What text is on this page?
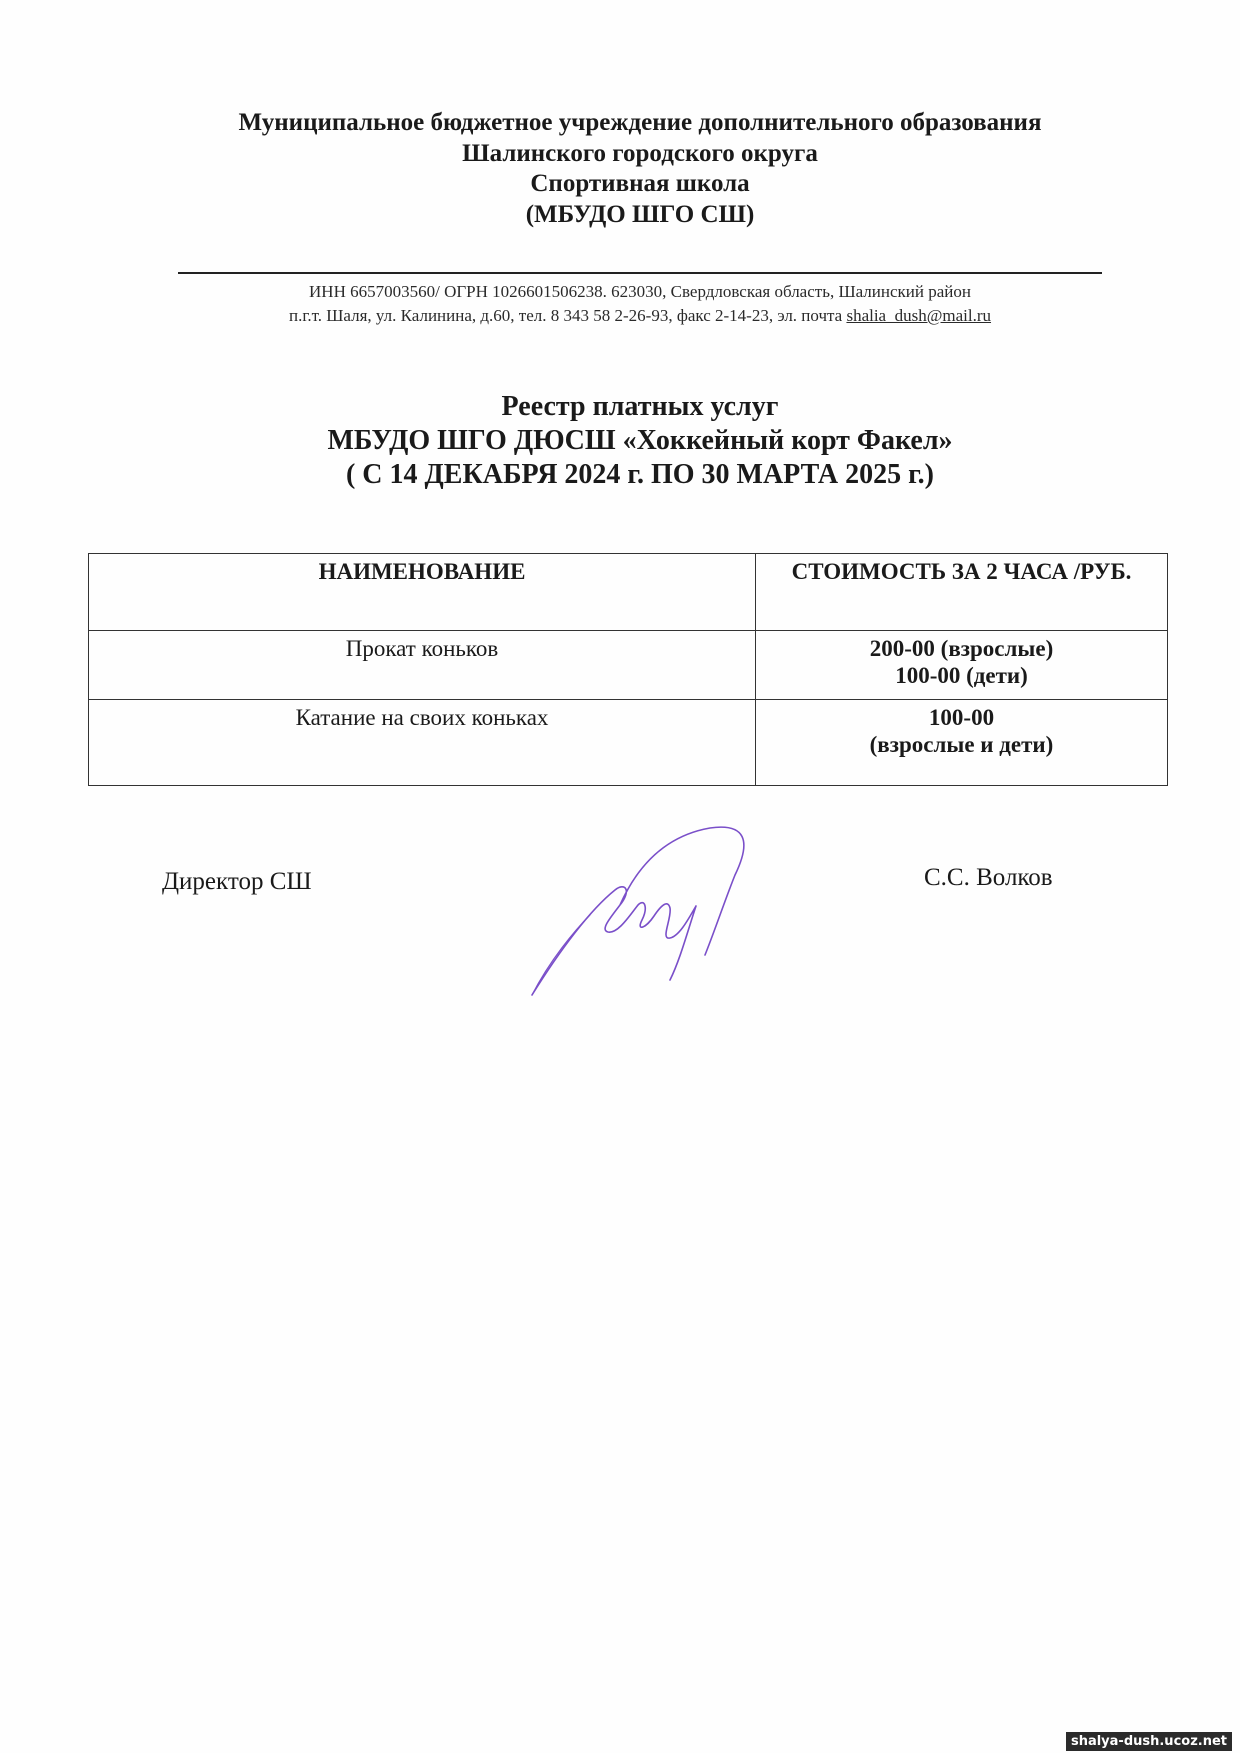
Муниципальное бюджетное учреждение дополнительного образования
Шалинского городского округа
Спортивная школа
(МБУДО ШГО СШ)
ИНН 6657003560/ ОГРН 1026601506238. 623030, Свердловская область, Шалинский район
п.г.т. Шаля, ул. Калинина, д.60, тел. 8 343 58 2-26-93, факс 2-14-23, эл. почта shalia_dush@mail.ru
Реестр платных услуг
МБУДО ШГО ДЮСШ «Хоккейный корт Факел»
( С 14 ДЕКАБРЯ 2024 г. ПО 30 МАРТА 2025 г.)
НАИМЕНОВАНИЕ	СТОИМОСТЬ ЗА 2 ЧАСА /РУБ.
Прокат коньков	200-00 (взрослые)
100-00 (дети)

Катание на своих коньках	100-00
(взрослые и дети)
Директор СШ	С.С. Волков
shalya-dush.ucoz.net
